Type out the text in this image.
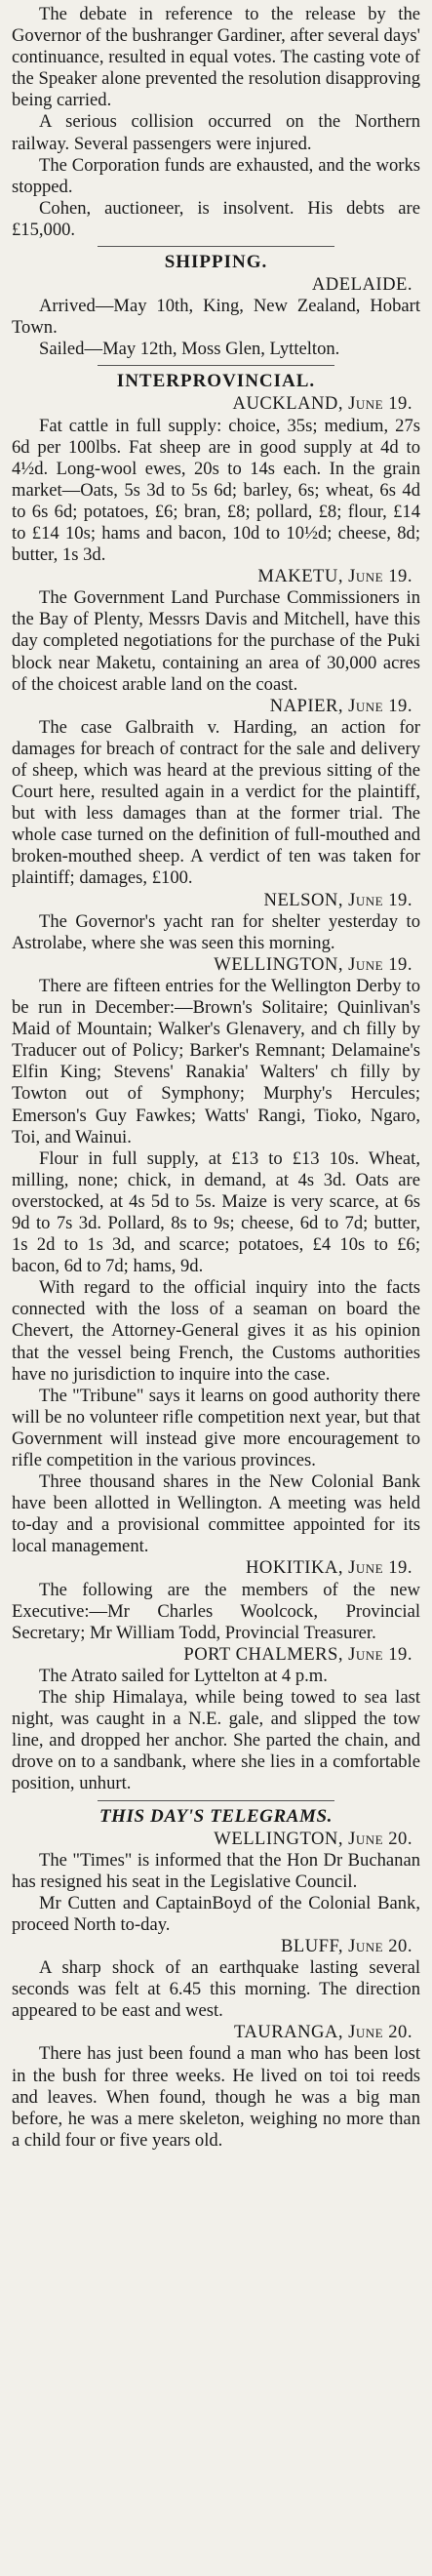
The debate in reference to the release by the Governor of the bushranger Gardiner, after several days' continuance, resulted in equal votes. The casting vote of the Speaker alone prevented the resolution disapproving being carried.

A serious collision occurred on the Northern railway. Several passengers were injured.

The Corporation funds are exhausted, and the works stopped.

Cohen, auctioneer, is insolvent. His debts are £15,000.

SHIPPING.

ADELAIDE.

Arrived—May 10th, King, New Zealand, Hobart Town.

Sailed—May 12th, Moss Glen, Lyttelton.

INTERPROVINCIAL.

AUCKLAND, June 19.

Fat cattle in full supply: choice, 35s; medium, 27s 6d per 100lbs. Fat sheep are in good supply at 4d to 4½d. Long-wool ewes, 20s to 14s each. In the grain market—Oats, 5s 3d to 5s 6d; barley, 6s; wheat, 6s 4d to 6s 6d; potatoes, £6; bran, £8; pollard, £8; flour, £14 to £14 10s; hams and bacon, 10d to 10½d; cheese, 8d; butter, 1s 3d.

MAKETU, June 19.

The Government Land Purchase Commissioners in the Bay of Plenty, Messrs Davis and Mitchell, have this day completed negotiations for the purchase of the Puki block near Maketu, containing an area of 30,000 acres of the choicest arable land on the coast.

NAPIER, June 19.

The case Galbraith v. Harding, an action for damages for breach of contract for the sale and delivery of sheep, which was heard at the previous sitting of the Court here, resulted again in a verdict for the plaintiff, but with less damages than at the former trial. The whole case turned on the definition of full-mouthed and broken-mouthed sheep. A verdict of ten was taken for plaintiff; damages, £100.

NELSON, June 19.

The Governor's yacht ran for shelter yesterday to Astrolabe, where she was seen this morning.

WELLINGTON, June 19.

There are fifteen entries for the Wellington Derby to be run in December:—Brown's Solitaire; Quinlivan's Maid of Mountain; Walker's Glenavery, and ch filly by Traducer out of Policy; Barker's Remnant; Delamaine's Elfin King; Stevens' Ranakia' Walters' ch filly by Towton out of Symphony; Murphy's Hercules; Emerson's Guy Fawkes; Watts' Rangi, Tioko, Ngaro, Toi, and Wainui.

Flour in full supply, at £13 to £13 10s. Wheat, milling, none; chick, in demand, at 4s 3d. Oats are overstocked, at 4s 5d to 5s. Maize is very scarce, at 6s 9d to 7s 3d. Pollard, 8s to 9s; cheese, 6d to 7d; butter, 1s 2d to 1s 3d, and scarce; potatoes, £4 10s to £6; bacon, 6d to 7d; hams, 9d.

With regard to the official inquiry into the facts connected with the loss of a seaman on board the Chevert, the Attorney-General gives it as his opinion that the vessel being French, the Customs authorities have no jurisdiction to inquire into the case.

The "Tribune" says it learns on good authority there will be no volunteer rifle competition next year, but that Government will instead give more encouragement to rifle competition in the various provinces.

Three thousand shares in the New Colonial Bank have been allotted in Wellington. A meeting was held to-day and a provisional committee appointed for its local management.

HOKITIKA, June 19.

The following are the members of the new Executive:—Mr Charles Woolcock, Provincial Secretary; Mr William Todd, Provincial Treasurer.

PORT CHALMERS, June 19.

The Atrato sailed for Lyttelton at 4 p.m.

The ship Himalaya, while being towed to sea last night, was caught in a N.E. gale, and slipped the tow line, and dropped her anchor. She parted the chain, and drove on to a sandbank, where she lies in a comfortable position, unhurt.

THIS DAY'S TELEGRAMS.

WELLINGTON, June 20.

The "Times" is informed that the Hon Dr Buchanan has resigned his seat in the Legislative Council.

Mr Cutten and CaptainBoyd of the Colonial Bank, proceed North to-day.

BLUFF, June 20.

A sharp shock of an earthquake lasting several seconds was felt at 6.45 this morning. The direction appeared to be east and west.

TAURANGA, June 20.

There has just been found a man who has been lost in the bush for three weeks. He lived on toi toi reeds and leaves. When found, though he was a big man before, he was a mere skeleton, weighing no more than a child four or five years old.
